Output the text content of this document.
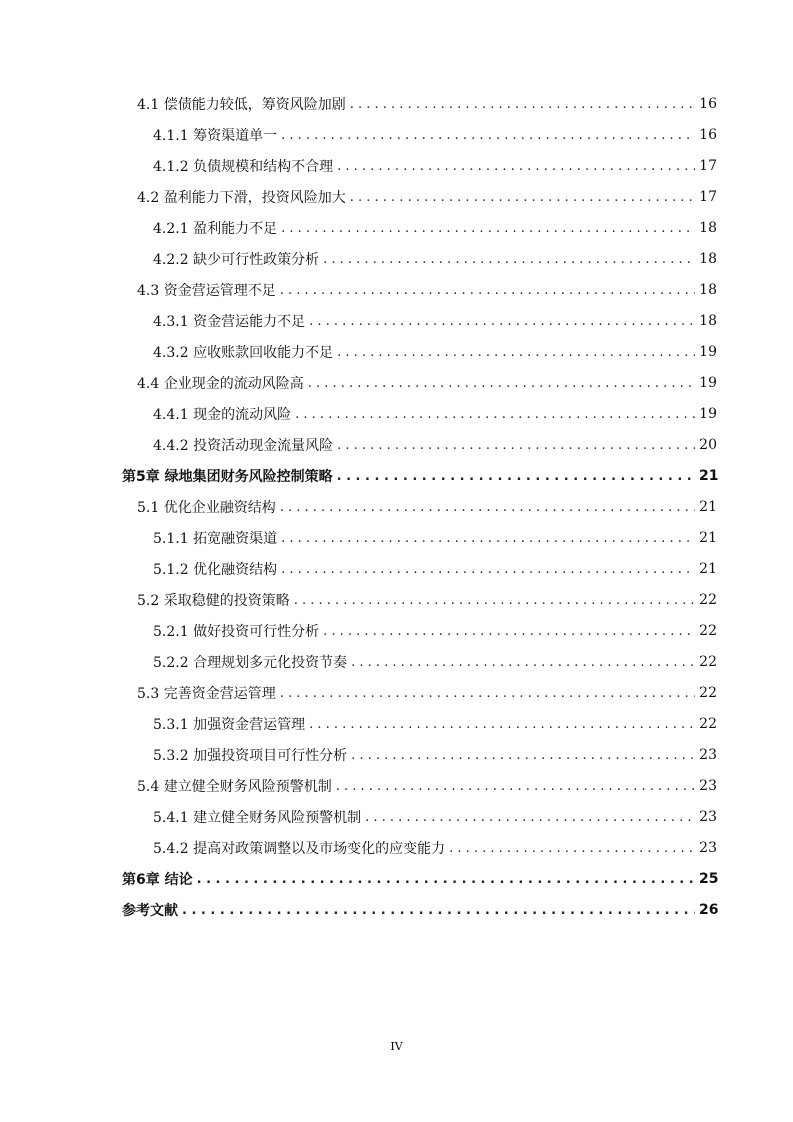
4.1 偿债能力较低，筹资风险加剧 . . .	16
4.1.1 筹资渠道单一 . . .	16
4.1.2 负债规模和结构不合理 . . .	17
4.2 盈利能力下滑，投资风险加大 . . .	17
4.2.1 盈利能力不足 . . .	18
4.2.2 缺少可行性政策分析 . . .	18
4.3 资金营运管理不足 . . .	18
4.3.1 资金营运能力不足 . . .	18
4.3.2 应收账款回收能力不足 . . .	19
4.4 企业现金的流动风险高 . . .	19
4.4.1 现金的流动风险 . . .	19
4.4.2 投资活动现金流量风险 . . .	20
第5章 绿地集团财务风险控制策略 . . .	21
5.1 优化企业融资结构 . . .	21
5.1.1 拓宽融资渠道 . . .	21
5.1.2 优化融资结构 . . .	21
5.2 采取稳健的投资策略 . . .	22
5.2.1 做好投资可行性分析 . . .	22
5.2.2 合理规划多元化投资节奏 . . .	22
5.3 完善资金营运管理 . . .	22
5.3.1 加强资金营运管理 . . .	22
5.3.2 加强投资项目可行性分析 . . .	23
5.4 建立健全财务风险预警机制 . . .	23
5.4.1 建立健全财务风险预警机制 . . .	23
5.4.2 提高对政策调整以及市场变化的应变能力 . . .	23
第6章 结论 . . .	25
参考文献 . . .	26
IV
